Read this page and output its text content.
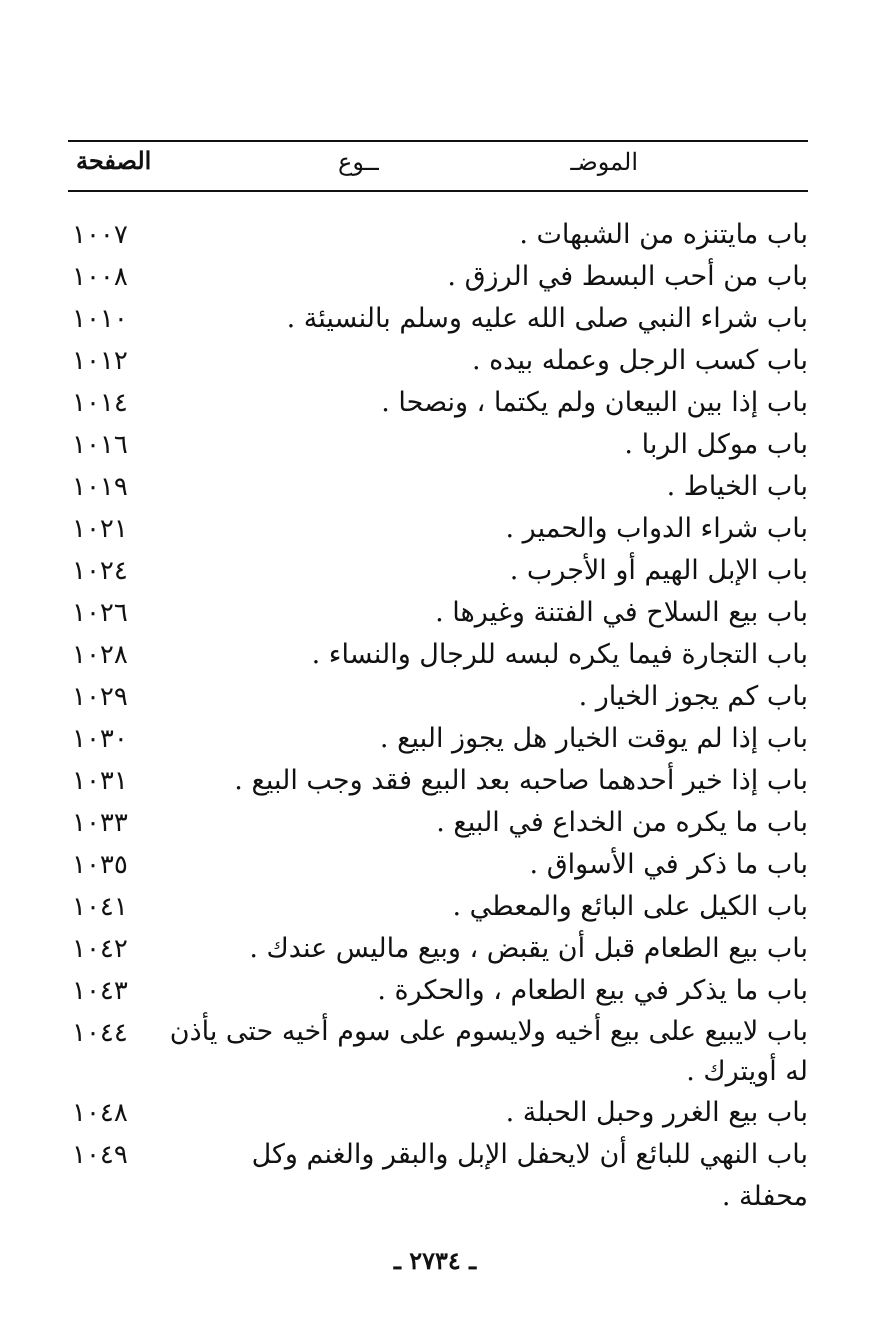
الموضـ
ــوع
الصفحة
باب مايتنزه من الشبهات .
١٠٠٧
باب من أحب البسط في الرزق .
١٠٠٨
باب شراء النبي صلى الله عليه وسلم بالنسيئة .
١٠١٠
باب كسب الرجل وعمله بيده .
١٠١٢
باب إذا بين البيعان ولم يكتما ، ونصحا .
١٠١٤
باب موكل الربا .
١٠١٦
باب الخياط .
١٠١٩
باب شراء الدواب والحمير .
١٠٢١
باب الإبل الهيم أو الأجرب .
١٠٢٤
باب بيع السلاح في الفتنة وغيرها .
١٠٢٦
باب التجارة فيما يكره لبسه للرجال والنساء .
١٠٢٨
باب كم يجوز الخيار .
١٠٢٩
باب إذا لم يوقت الخيار هل يجوز البيع .
١٠٣٠
باب إذا خير أحدهما صاحبه بعد البيع فقد وجب البيع .
١٠٣١
باب ما يكره من الخداع في البيع .
١٠٣٣
باب ما ذكر في الأسواق .
١٠٣٥
باب الكيل على البائع والمعطي .
١٠٤١
باب بيع الطعام قبل أن يقبض ، وبيع ماليس عندك .
١٠٤٢
باب ما يذكر في بيع الطعام ، والحكرة .
١٠٤٣
باب لايبيع على بيع أخيه ولايسوم على سوم أخيه حتى يأذن له أويترك .
١٠٤٤
باب بيع الغرر وحبل الحبلة .
١٠٤٨
باب النهي للبائع أن لايحفل الإبل والبقر والغنم وكل محفلة .
١٠٤٩
ـ ٢٧٣٤ ـ
